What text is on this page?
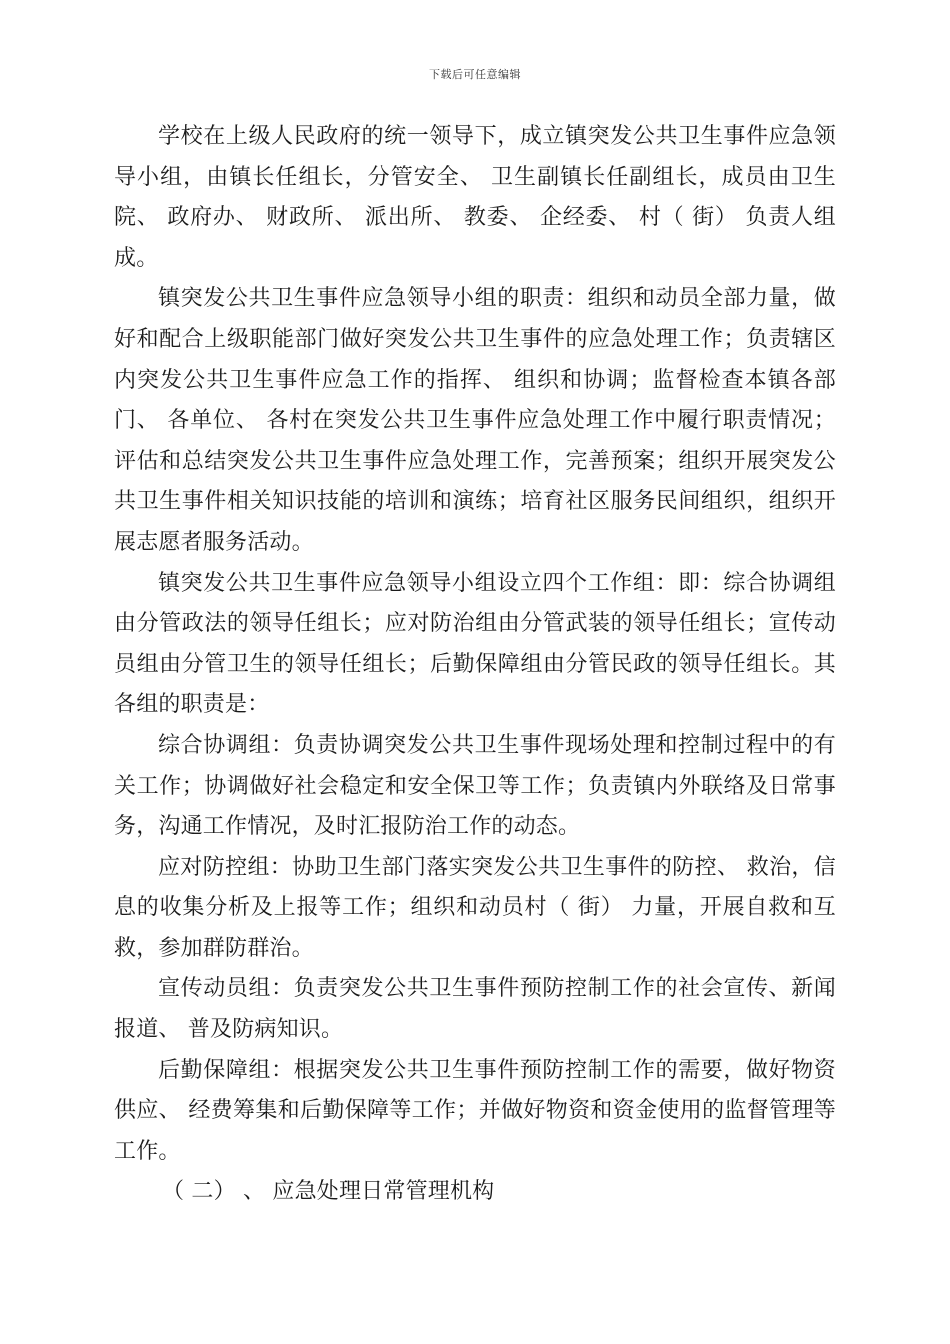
下载后可任意编辑

学校在上级人民政府的统一领导下，成立镇突发公共卫生事件应急领导小组，由镇长任组长，分管安全、 卫生副镇长任副组长，成员由卫生院、 政府办、 财政所、 派出所、 教委、 企经委、 村（ 街） 负责人组成。

镇突发公共卫生事件应急领导小组的职责：组织和动员全部力量，做好和配合上级职能部门做好突发公共卫生事件的应急处理工作；负责辖区内突发公共卫生事件应急工作的指挥、 组织和协调；监督检查本镇各部门、 各单位、 各村在突发公共卫生事件应急处理工作中履行职责情况；评估和总结突发公共卫生事件应急处理工作，完善预案；组织开展突发公共卫生事件相关知识技能的培训和演练；培育社区服务民间组织，组织开展志愿者服务活动。

镇突发公共卫生事件应急领导小组设立四个工作组：即：综合协调组由分管政法的领导任组长；应对防治组由分管武装的领导任组长；宣传动员组由分管卫生的领导任组长；后勤保障组由分管民政的领导任组长。其各组的职责是：

综合协调组：负责协调突发公共卫生事件现场处理和控制过程中的有关工作；协调做好社会稳定和安全保卫等工作；负责镇内外联络及日常事务，沟通工作情况，及时汇报防治工作的动态。

应对防控组：协助卫生部门落实突发公共卫生事件的防控、 救治，信息的收集分析及上报等工作；组织和动员村（ 街） 力量，开展自救和互救，参加群防群治。

宣传动员组：负责突发公共卫生事件预防控制工作的社会宣传、新闻报道、 普及防病知识。

后勤保障组：根据突发公共卫生事件预防控制工作的需要，做好物资供应、 经费筹集和后勤保障等工作；并做好物资和资金使用的监督管理等工作。

（ 二） 、 应急处理日常管理机构
